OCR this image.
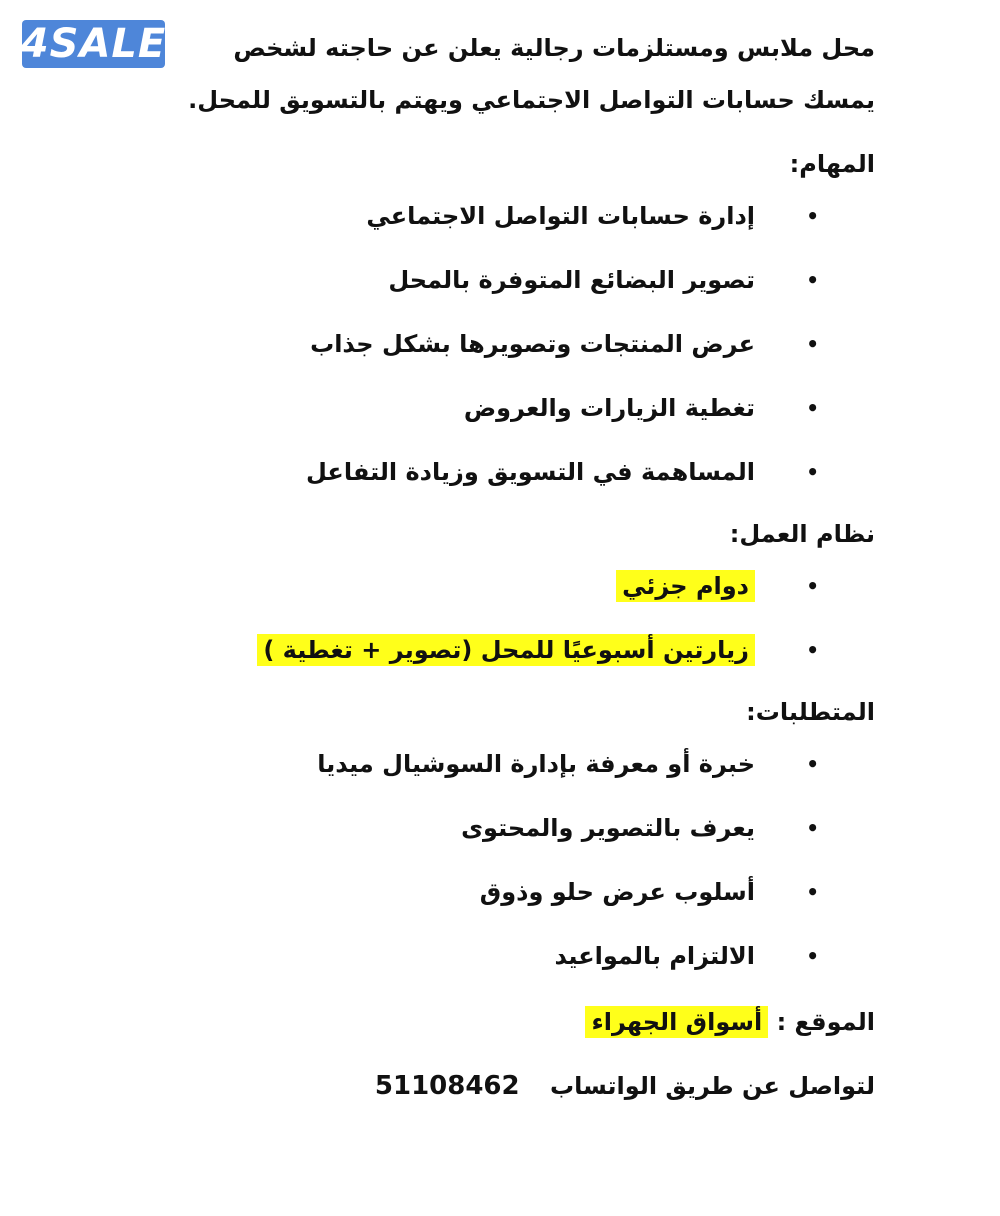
4SALE	محل ملابس ومستلزمات رجالية يعلن عن حاجته لشخص

يمسك حسابات التواصل الاجتماعي ويهتم بالتسويق للمحل.

المهام:
•
إدارة حسابات التواصل الاجتماعي
•
تصوير البضائع المتوفرة بالمحل
•
عرض المنتجات وتصويرها بشكل جذاب
•
تغطية الزيارات والعروض
•
المساهمة في التسويق وزيادة التفاعل
نظام العمل:
•
دوام جزئي
•
زيارتين أسبوعيًا للمحل (تصوير + تغطية )
المتطلبات:
•
خبرة أو معرفة بإدارة السوشيال ميديا
•
يعرف بالتصوير والمحتوى
•
أسلوب عرض حلو وذوق
•
الالتزام بالمواعيد
الموقع : أسواق الجهراء
لتواصل عن طريق الواتساب 51108462
